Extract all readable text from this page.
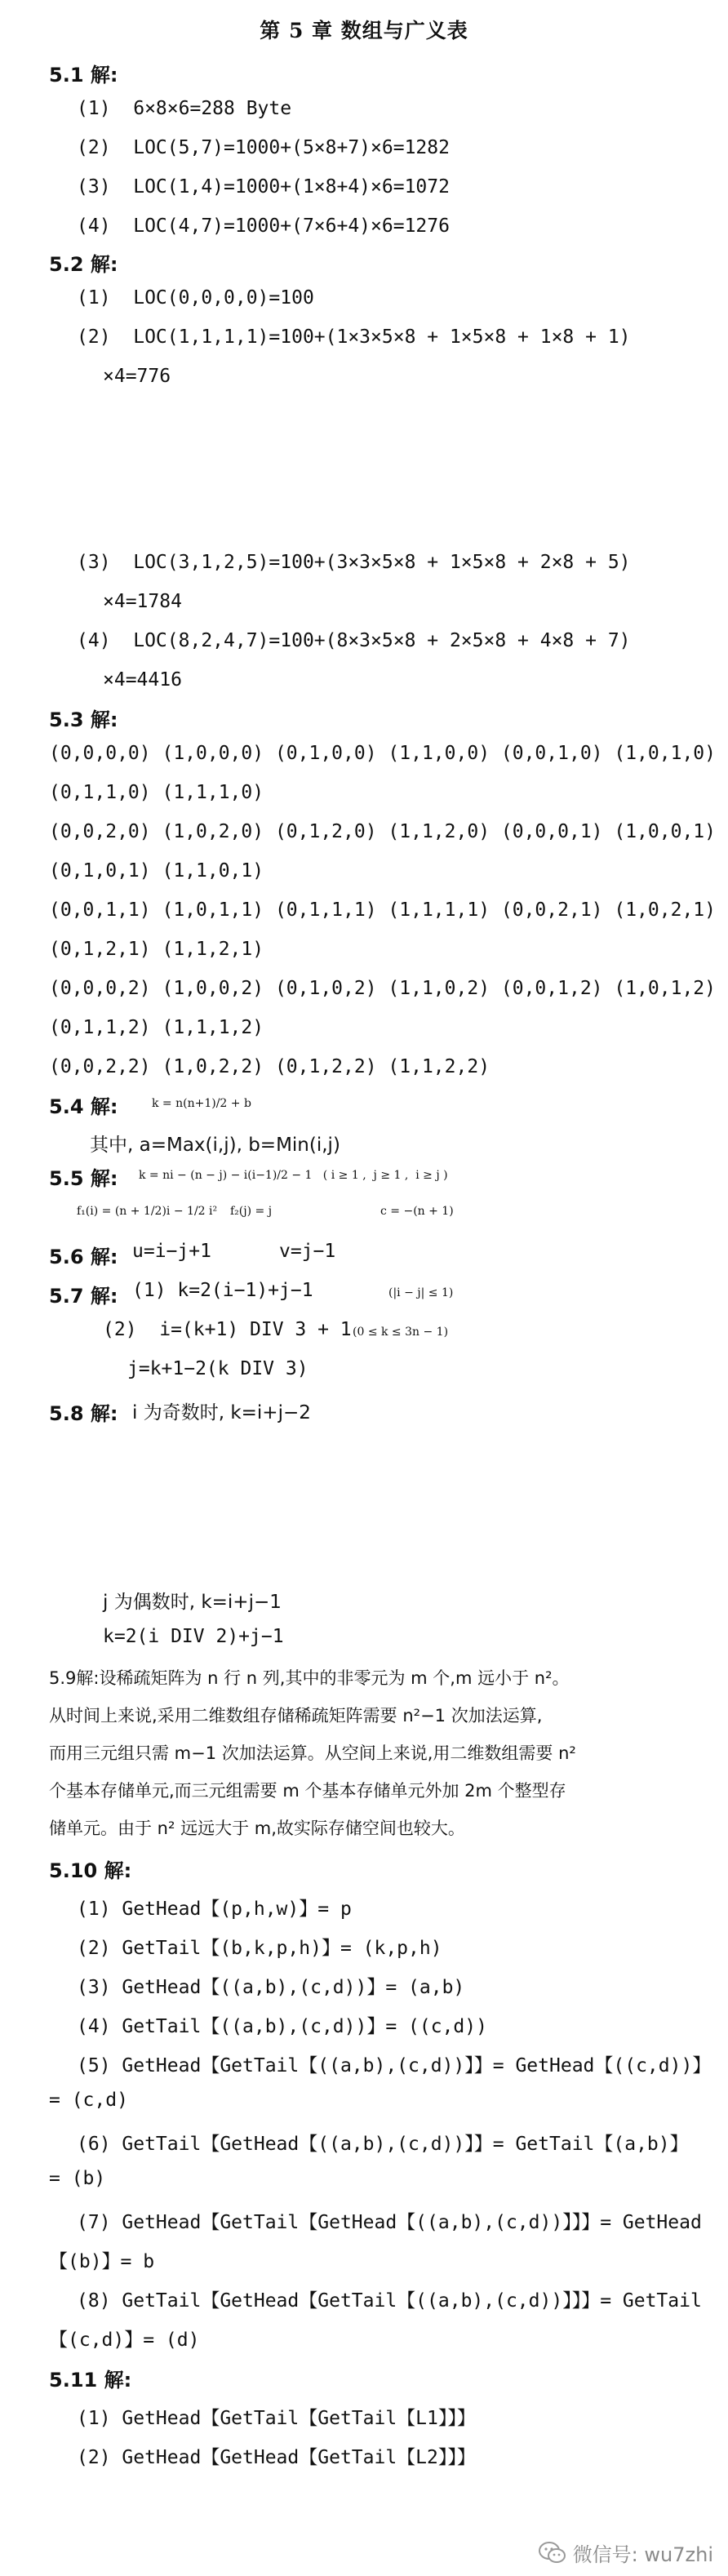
第 5 章 数组与广义表
5.1 解:
(1)  6×8×6=288 Byte
(2)  LOC(5,7)=1000+(5×8+7)×6=1282
(3)  LOC(1,4)=1000+(1×8+4)×6=1072
(4)  LOC(4,7)=1000+(7×6+4)×6=1276
5.2 解:
(1)  LOC(0,0,0,0)=100
(2)  LOC(1,1,1,1)=100+(1×3×5×8 + 1×5×8 + 1×8 + 1)
×4=776
(3)  LOC(3,1,2,5)=100+(3×3×5×8 + 1×5×8 + 2×8 + 5)
×4=1784
(4)  LOC(8,2,4,7)=100+(8×3×5×8 + 2×5×8 + 4×8 + 7)
×4=4416
5.3 解:
(0,0,0,0) (1,0,0,0) (0,1,0,0) (1,1,0,0) (0,0,1,0) (1,0,1,0)
(0,1,1,0) (1,1,1,0)
(0,0,2,0) (1,0,2,0) (0,1,2,0) (1,1,2,0) (0,0,0,1) (1,0,0,1)
(0,1,0,1) (1,1,0,1)
(0,0,1,1) (1,0,1,1) (0,1,1,1) (1,1,1,1) (0,0,2,1) (1,0,2,1)
(0,1,2,1) (1,1,2,1)
(0,0,0,2) (1,0,0,2) (0,1,0,2) (1,1,0,2) (0,0,1,2) (1,0,1,2)
(0,1,1,2) (1,1,1,2)
(0,0,2,2) (1,0,2,2) (0,1,2,2) (1,1,2,2)
5.4 解:	k = n(n+1)/2 + b
其中, a=Max(i,j), b=Min(i,j)
5.5 解: k = ni − (n − j) − i(i−1)/2 − 1   ( i ≥ 1 ,  j ≥ 1 ,  i ≥ j )
f₁(i) = (n + 1/2)i − 1/2 i² f₂(j) = j	c = −(n + 1)
5.6 解: u=i−j+1      v=j−1
5.7 解: (1) k=2(i−1)+j−1	(|i − j| ≤ 1)
(2)  i=(k+1) DIV 3 + 1 (0 ≤ k ≤ 3n − 1)
j=k+1−2(k DIV 3)
5.8 解: i 为奇数时, k=i+j−2
j 为偶数时, k=i+j−1
k=2(i DIV 2)+j−1
5.9解:设稀疏矩阵为 n 行 n 列,其中的非零元为 m 个,m 远小于 n²。
从时间上来说,采用二维数组存储稀疏矩阵需要 n²−1 次加法运算,
而用三元组只需 m−1 次加法运算。从空间上来说,用二维数组需要 n²
个基本存储单元,而三元组需要 m 个基本存储单元外加 2m 个整型存
储单元。由于 n² 远远大于 m,故实际存储空间也较大。
5.10 解:
(1) GetHead【(p,h,w)】= p
(2) GetTail【(b,k,p,h)】= (k,p,h)
(3) GetHead【((a,b),(c,d))】= (a,b)
(4) GetTail【((a,b),(c,d))】= ((c,d))
(5) GetHead【GetTail【((a,b),(c,d))】】= GetHead【((c,d))】
= (c,d)
(6) GetTail【GetHead【((a,b),(c,d))】】= GetTail【(a,b)】
= (b)
(7) GetHead【GetTail【GetHead【((a,b),(c,d))】】】= GetHead
【(b)】= b
(8) GetTail【GetHead【GetTail【((a,b),(c,d))】】】= GetTail
【(c,d)】= (d)
5.11 解:
(1) GetHead【GetTail【GetTail【L1】】】
(2) GetHead【GetHead【GetTail【L2】】】
微信号: wu7zhi
